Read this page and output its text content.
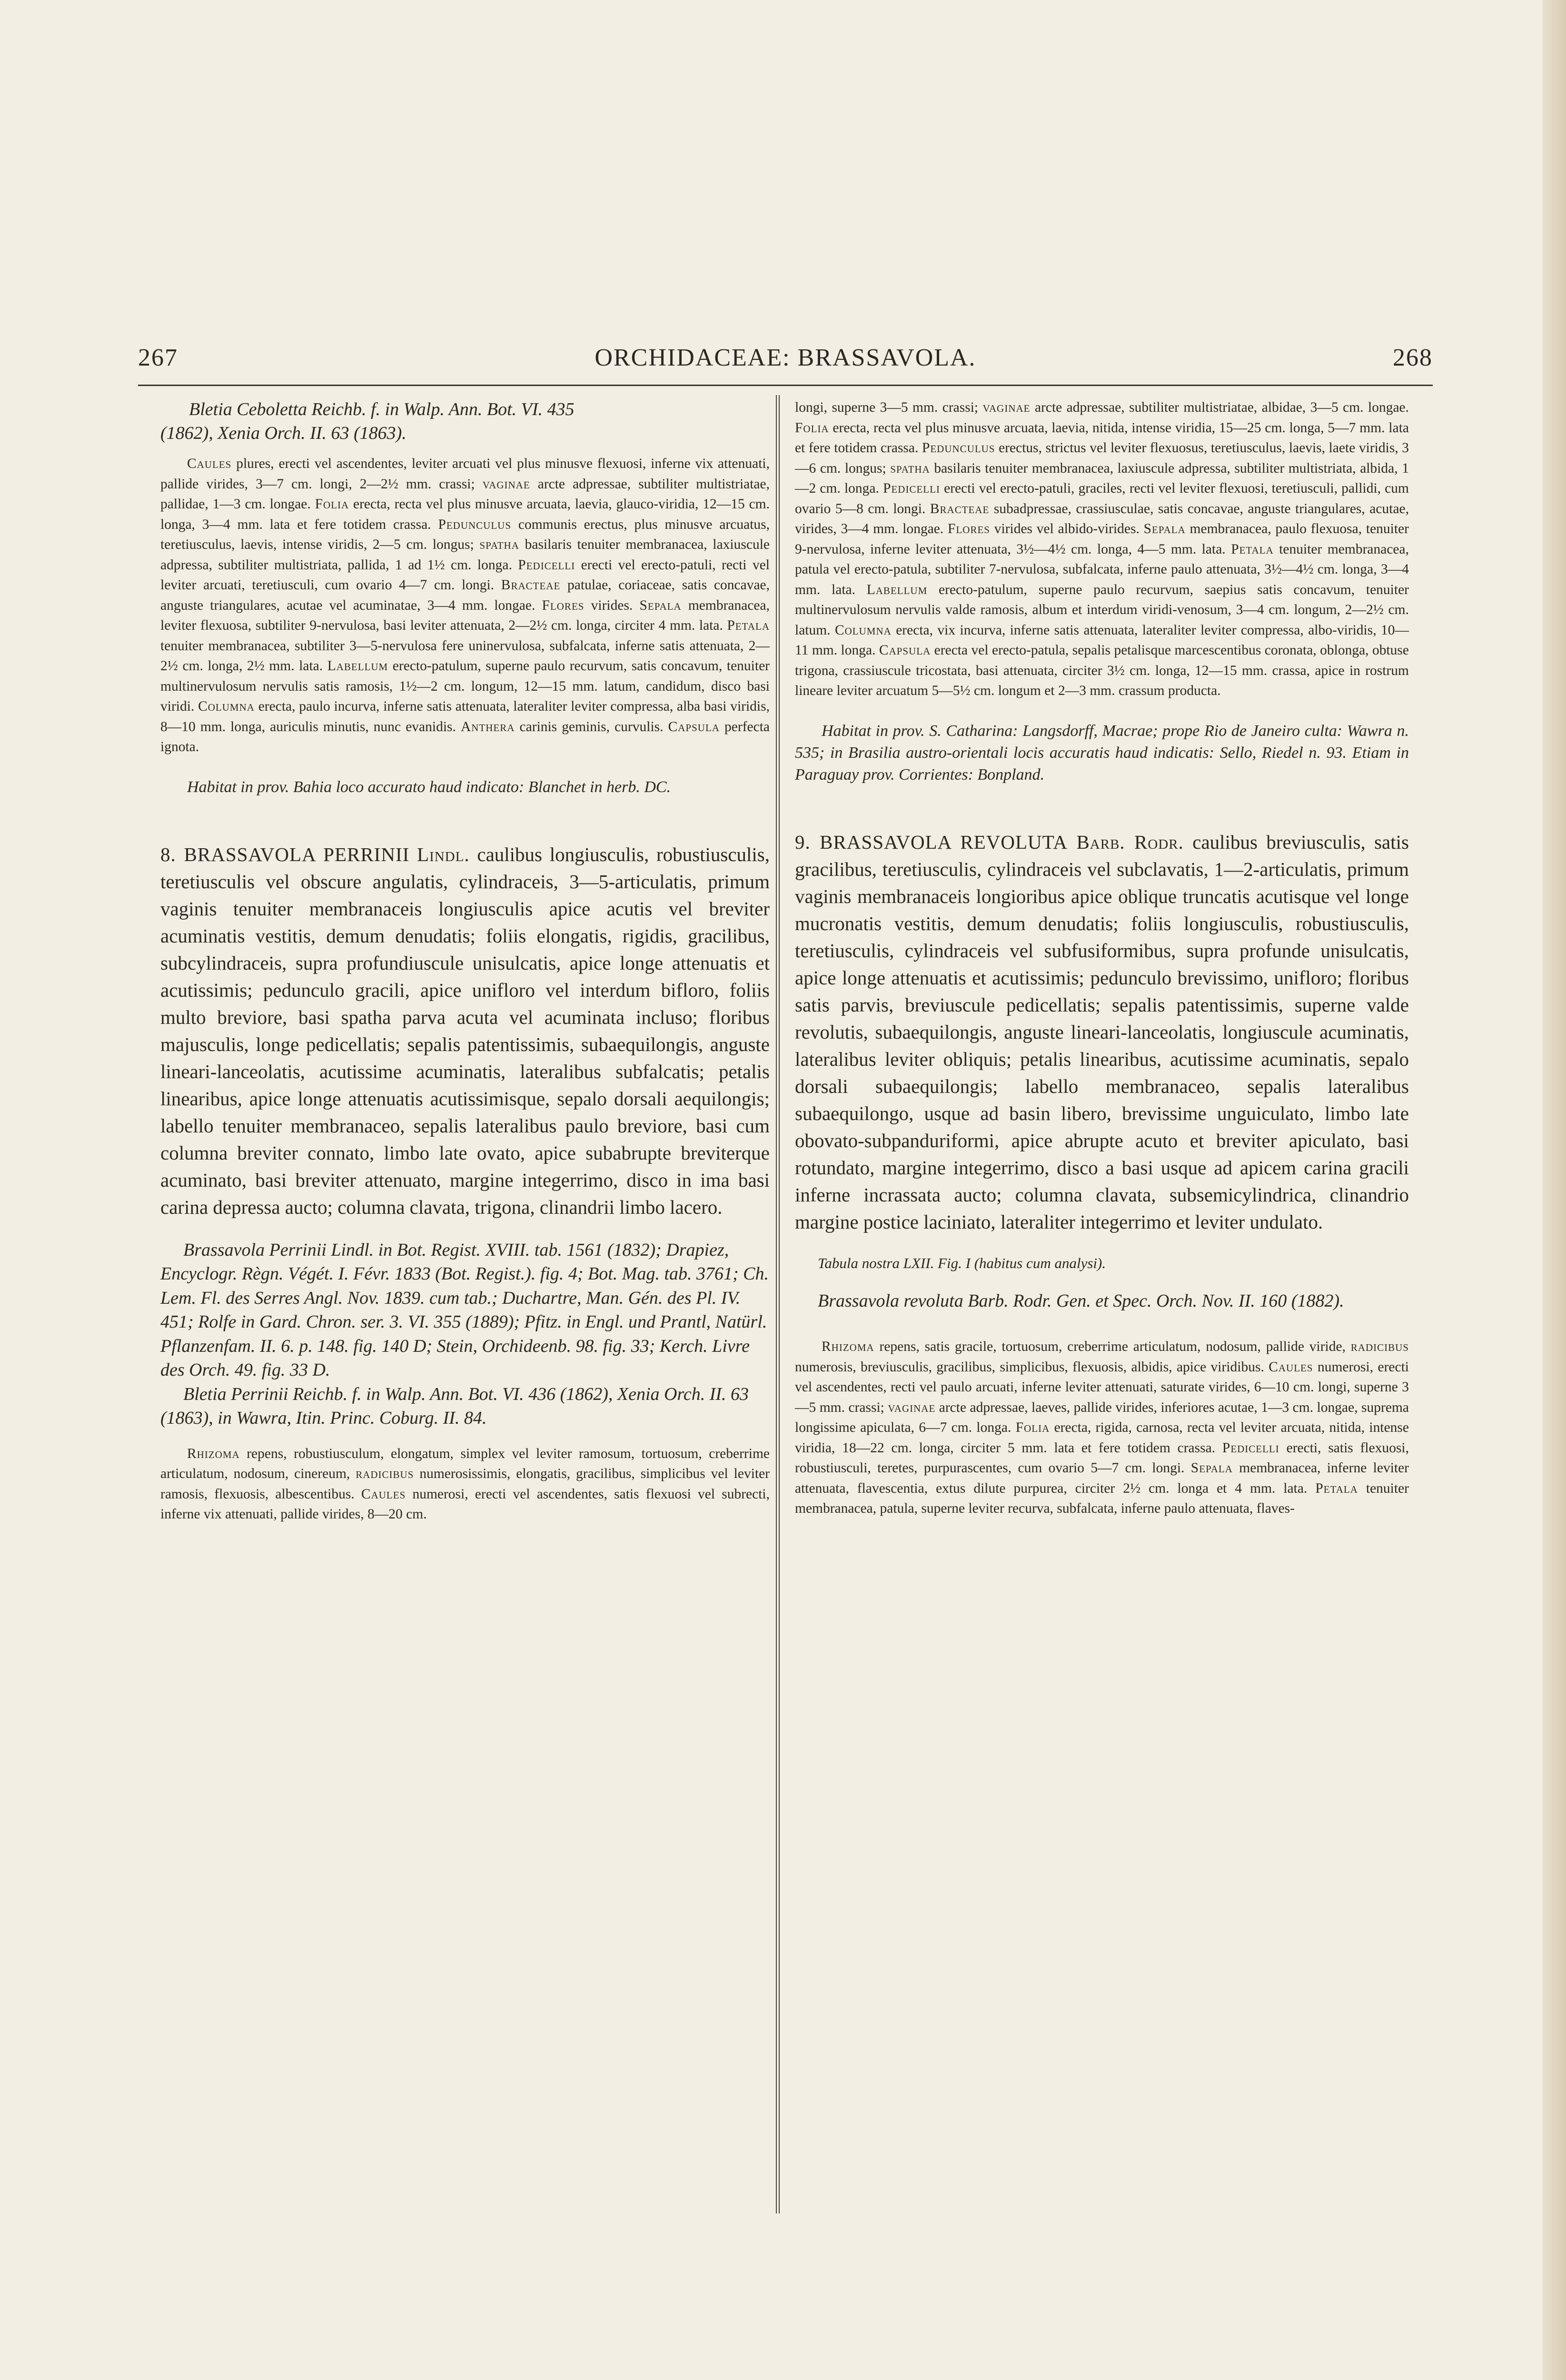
267	ORCHIDACEAE: BRASSAVOLA.	268
Bletia Ceboletta Reichb. f. in Walp. Ann. Bot. VI. 435
(1862), Xenia Orch. II. 63 (1863).

Caules plures, erecti vel ascendentes, leviter arcuati vel plus minusve flexuosi, inferne vix attenuati, pallide virides, 3—7 cm. longi, 2—2½ mm. crassi; vaginae arcte adpressae, subtiliter multistriatae, pallidae, 1—3 cm. longae. Folia erecta, recta vel plus minusve arcuata, laevia, glauco-viridia, 12—15 cm. longa, 3—4 mm. lata et fere totidem crassa. Pedunculus communis erectus, plus minusve arcuatus, teretiusculus, laevis, intense viridis, 2—5 cm. longus; spatha basilaris tenuiter membranacea, laxiuscule adpressa, subtiliter multistriata, pallida, 1 ad 1½ cm. longa. Pedicelli erecti vel erecto-patuli, recti vel leviter arcuati, teretiusculi, cum ovario 4—7 cm. longi. Bracteae patulae, coriaceae, satis concavae, anguste triangulares, acutae vel acuminatae, 3—4 mm. longae. Flores virides. Sepala membranacea, leviter flexuosa, subtiliter 9-nervulosa, basi leviter attenuata, 2—2½ cm. longa, circiter 4 mm. lata. Petala tenuiter membranacea, subtiliter 3—5-nervulosa fere uninervulosa, subfalcata, inferne satis attenuata, 2—2½ cm. longa, 2½ mm. lata. Labellum erecto-patulum, superne paulo recurvum, satis concavum, tenuiter multinervulosum nervulis satis ramosis, 1½—2 cm. longum, 12—15 mm. latum, candidum, disco basi viridi. Columna erecta, paulo incurva, inferne satis attenuata, lateraliter leviter compressa, alba basi viridis, 8—10 mm. longa, auriculis minutis, nunc evanidis. Anthera carinis geminis, curvulis. Capsula perfecta ignota.

Habitat in prov. Bahia loco accurato haud indicato: Blanchet in herb. DC.

8. BRASSAVOLA PERRINII Lindl. caulibus longiusculis, robustiusculis, teretiusculis vel obscure angulatis, cylindraceis, 3—5-articulatis, primum vaginis tenuiter membranaceis longiusculis apice acutis vel breviter acuminatis vestitis, demum denudatis; foliis elongatis, rigidis, gracilibus, subcylindraceis, supra profundiuscule unisulcatis, apice longe attenuatis et acutissimis; pedunculo gracili, apice unifloro vel interdum bifloro, foliis multo breviore, basi spatha parva acuta vel acuminata incluso; floribus majusculis, longe pedicellatis; sepalis patentissimis, subaequilongis, anguste lineari-lanceolatis, acutissime acuminatis, lateralibus subfalcatis; petalis linearibus, apice longe attenuatis acutissimisque, sepalo dorsali aequilongis; labello tenuiter membranaceo, sepalis lateralibus paulo breviore, basi cum columna breviter connato, limbo late ovato, apice subabrupte breviterque acuminato, basi breviter attenuato, margine integerrimo, disco in ima basi carina depressa aucto; columna clavata, trigona, clinandrii limbo lacero.

Brassavola Perrinii Lindl. in Bot. Regist. XVIII. tab. 1561 (1832); Drapiez, Encyclogr. Règn. Végét. I. Févr. 1833 (Bot. Regist.). fig. 4; Bot. Mag. tab. 3761; Ch. Lem. Fl. des Serres Angl. Nov. 1839. cum tab.; Duchartre, Man. Gén. des Pl. IV. 451; Rolfe in Gard. Chron. ser. 3. VI. 355 (1889); Pfitz. in Engl. und Prantl, Natürl. Pflanzenfam. II. 6. p. 148. fig. 140 D; Stein, Orchideenb. 98. fig. 33; Kerch. Livre des Orch. 49. fig. 33 D.

Bletia Perrinii Reichb. f. in Walp. Ann. Bot. VI. 436 (1862), Xenia Orch. II. 63 (1863), in Wawra, Itin. Princ. Coburg. II. 84.

Rhizoma repens, robustiusculum, elongatum, simplex vel leviter ramosum, tortuosum, creberrime articulatum, nodosum, cinereum, radicibus numerosissimis, elongatis, gracilibus, simplicibus vel leviter ramosis, flexuosis, albescentibus. Caules numerosi, erecti vel ascendentes, satis flexuosi vel subrecti, inferne vix attenuati, pallide virides, 8—20 cm.

longi, superne 3—5 mm. crassi; vaginae arcte adpressae, subtiliter multistriatae, albidae, 3—5 cm. longae. Folia erecta, recta vel plus minusve arcuata, laevia, nitida, intense viridia, 15—25 cm. longa, 5—7 mm. lata et fere totidem crassa. Pedunculus erectus, strictus vel leviter flexuosus, teretiusculus, laevis, laete viridis, 3—6 cm. longus; spatha basilaris tenuiter membranacea, laxiuscule adpressa, subtiliter multistriata, albida, 1—2 cm. longa. Pedicelli erecti vel erecto-patuli, graciles, recti vel leviter flexuosi, teretiusculi, pallidi, cum ovario 5—8 cm. longi. Bracteae subadpressae, crassiusculae, satis concavae, anguste triangulares, acutae, virides, 3—4 mm. longae. Flores virides vel albido-virides. Sepala membranacea, paulo flexuosa, tenuiter 9-nervulosa, inferne leviter attenuata, 3½—4½ cm. longa, 4—5 mm. lata. Petala tenuiter membranacea, patula vel erecto-patula, subtiliter 7-nervulosa, subfalcata, inferne paulo attenuata, 3½—4½ cm. longa, 3—4 mm. lata. Labellum erecto-patulum, superne paulo recurvum, saepius satis concavum, tenuiter multinervulosum nervulis valde ramosis, album et interdum viridi-venosum, 3—4 cm. longum, 2—2½ cm. latum. Columna erecta, vix incurva, inferne satis attenuata, lateraliter leviter compressa, albo-viridis, 10—11 mm. longa. Capsula erecta vel erecto-patula, sepalis petalisque marcescentibus coronata, oblonga, obtuse trigona, crassiuscule tricostata, basi attenuata, circiter 3½ cm. longa, 12—15 mm. crassa, apice in rostrum lineare leviter arcuatum 5—5½ cm. longum et 2—3 mm. crassum producta.

Habitat in prov. S. Catharina: Langsdorff, Macrae; prope Rio de Janeiro culta: Wawra n. 535; in Brasilia austro-orientali locis accuratis haud indicatis: Sello, Riedel n. 93. Etiam in Paraguay prov. Corrientes: Bonpland.

9. BRASSAVOLA REVOLUTA Barb. Rodr. caulibus breviusculis, satis gracilibus, teretiusculis, cylindraceis vel subclavatis, 1—2-articulatis, primum vaginis membranaceis longioribus apice oblique truncatis acutisque vel longe mucronatis vestitis, demum denudatis; foliis longiusculis, robustiusculis, teretiusculis, cylindraceis vel subfusiformibus, supra profunde unisulcatis, apice longe attenuatis et acutissimis; pedunculo brevissimo, unifloro; floribus satis parvis, breviuscule pedicellatis; sepalis patentissimis, superne valde revolutis, subaequilongis, anguste lineari-lanceolatis, longiuscule acuminatis, lateralibus leviter obliquis; petalis linearibus, acutissime acuminatis, sepalo dorsali subaequilongis; labello membranaceo, sepalis lateralibus subaequilongo, usque ad basin libero, brevissime unguiculato, limbo late obovato-subpanduriformi, apice abrupte acuto et breviter apiculato, basi rotundato, margine integerrimo, disco a basi usque ad apicem carina gracili inferne incrassata aucto; columna clavata, subsemicylindrica, clinandrio margine postice laciniato, lateraliter integerrimo et leviter undulato.

Tabula nostra LXII. Fig. I (habitus cum analysi).

Brassavola revoluta Barb. Rodr. Gen. et Spec. Orch. Nov. II. 160 (1882).

Rhizoma repens, satis gracile, tortuosum, creberrime articulatum, nodosum, pallide viride, radicibus numerosis, breviusculis, gracilibus, simplicibus, flexuosis, albidis, apice viridibus. Caules numerosi, erecti vel ascendentes, recti vel paulo arcuati, inferne leviter attenuati, saturate virides, 6—10 cm. longi, superne 3—5 mm. crassi; vaginae arcte adpressae, laeves, pallide virides, inferiores acutae, 1—3 cm. longae, suprema longissime apiculata, 6—7 cm. longa. Folia erecta, rigida, carnosa, recta vel leviter arcuata, nitida, intense viridia, 18—22 cm. longa, circiter 5 mm. lata et fere totidem crassa. Pedicelli erecti, satis flexuosi, robustiusculi, teretes, purpurascentes, cum ovario 5—7 cm. longi. Sepala membranacea, inferne leviter attenuata, flavescentia, extus dilute purpurea, circiter 2½ cm. longa et 4 mm. lata. Petala tenuiter membranacea, patula, superne leviter recurva, subfalcata, inferne paulo attenuata, flaves-
